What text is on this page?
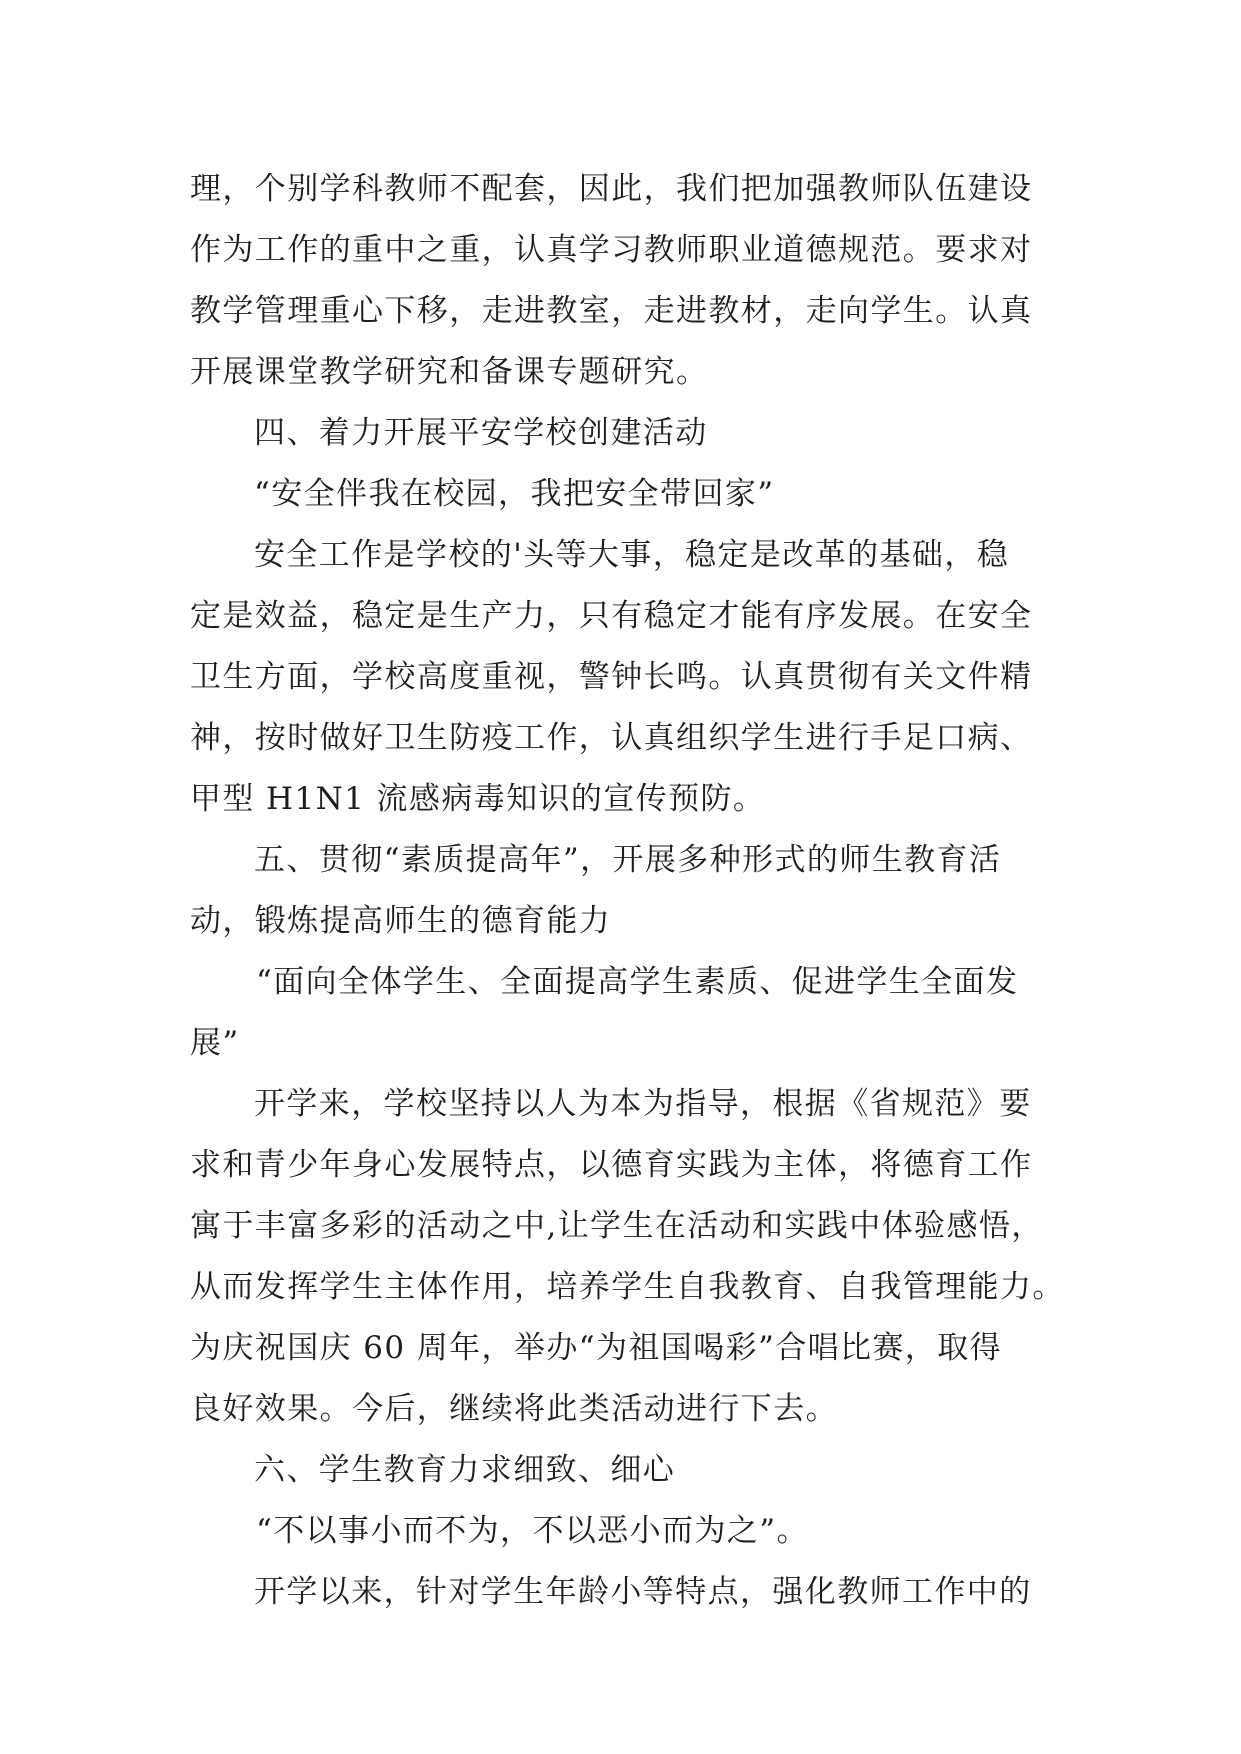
理，个别学科教师不配套，因此，我们把加强教师队伍建设
作为工作的重中之重，认真学习教师职业道德规范。要求对
教学管理重心下移，走进教室，走进教材，走向学生。认真
开展课堂教学研究和备课专题研究。
四、着力开展平安学校创建活动
“安全伴我在校园，我把安全带回家”
安全工作是学校的'头等大事，稳定是改革的基础，稳
定是效益，稳定是生产力，只有稳定才能有序发展。在安全
卫生方面，学校高度重视，警钟长鸣。认真贯彻有关文件精
神，按时做好卫生防疫工作，认真组织学生进行手足口病、
甲型 H1N1 流感病毒知识的宣传预防。
五、贯彻“素质提高年”，开展多种形式的师生教育活
动，锻炼提高师生的德育能力
“面向全体学生、全面提高学生素质、促进学生全面发
展”
开学来，学校坚持以人为本为指导，根据《省规范》要
求和青少年身心发展特点，以德育实践为主体，将德育工作
寓于丰富多彩的活动之中,让学生在活动和实践中体验感悟，
从而发挥学生主体作用，培养学生自我教育、自我管理能力。
为庆祝国庆 60 周年，举办“为祖国喝彩”合唱比赛，取得
良好效果。今后，继续将此类活动进行下去。
六、学生教育力求细致、细心
“不以事小而不为，不以恶小而为之”。
开学以来，针对学生年龄小等特点，强化教师工作中的
